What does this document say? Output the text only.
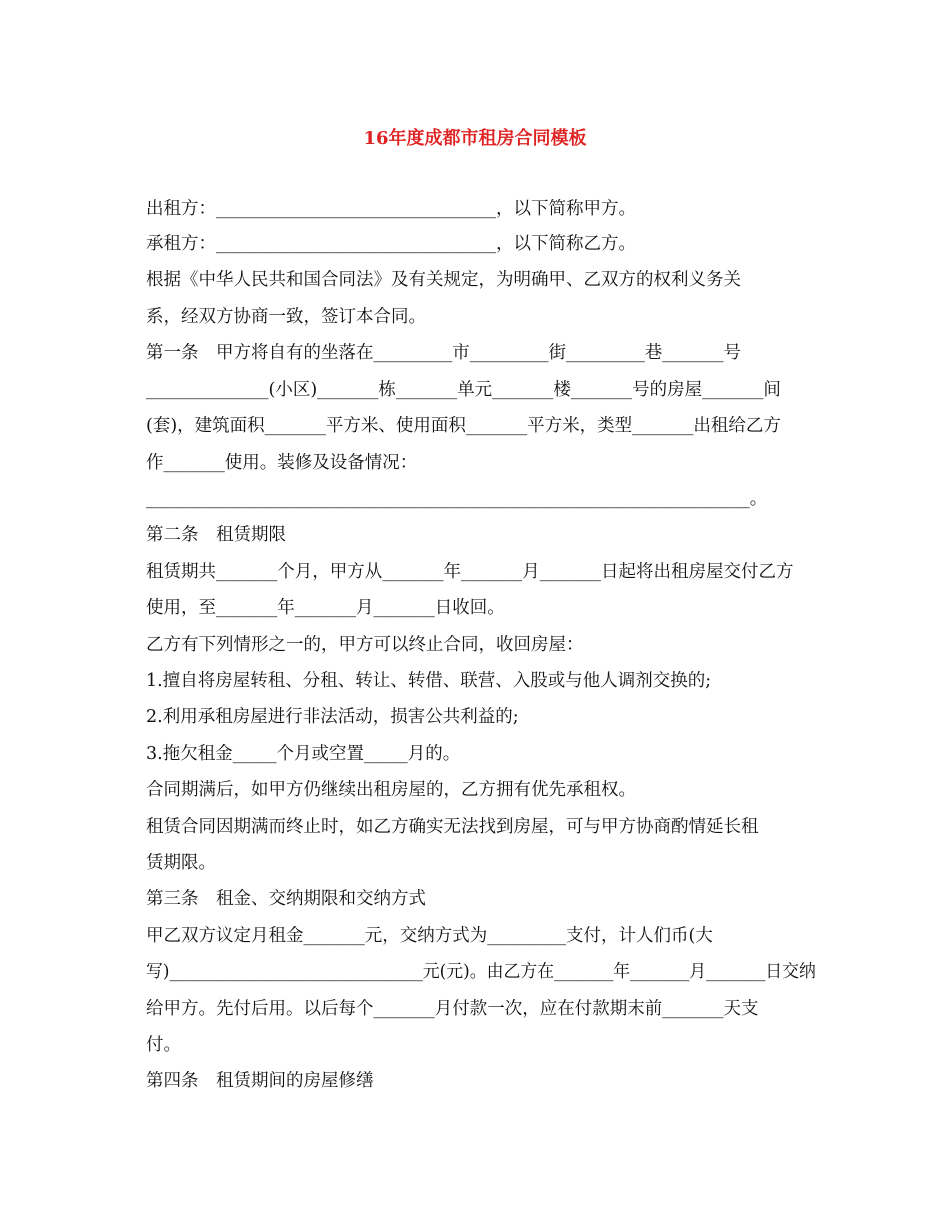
16年度成都市租房合同模板
出租方：________________________________，以下简称甲方。
承租方：________________________________，以下简称乙方。
根据《中华人民共和国合同法》及有关规定，为明确甲、乙双方的权利义务关
系，经双方协商一致，签订本合同。
第一条　甲方将自有的坐落在_________市_________街_________巷_______号
______________(小区)_______栋_______单元_______楼_______号的房屋_______间
(套)，建筑面积_______平方米、使用面积_______平方米，类型_______出租给乙方
作_______使用。装修及设备情况：
_____________________________________________________________________。
第二条　租赁期限
租赁期共_______个月，甲方从_______年_______月_______日起将出租房屋交付乙方
使用，至_______年_______月_______日收回。
乙方有下列情形之一的，甲方可以终止合同，收回房屋：
1.擅自将房屋转租、分租、转让、转借、联营、入股或与他人调剂交换的;
2.利用承租房屋进行非法活动，损害公共利益的;
3.拖欠租金_____个月或空置_____月的。
合同期满后，如甲方仍继续出租房屋的，乙方拥有优先承租权。
租赁合同因期满而终止时，如乙方确实无法找到房屋，可与甲方协商酌情延长租
赁期限。
第三条　租金、交纳期限和交纳方式
甲乙双方议定月租金_______元，交纳方式为_________支付，计人们币(大
写)______________________________元(元)。由乙方在_______年_______月_______日交纳
给甲方。先付后用。以后每个_______月付款一次，应在付款期末前_______天支
付。
第四条　租赁期间的房屋修缮
